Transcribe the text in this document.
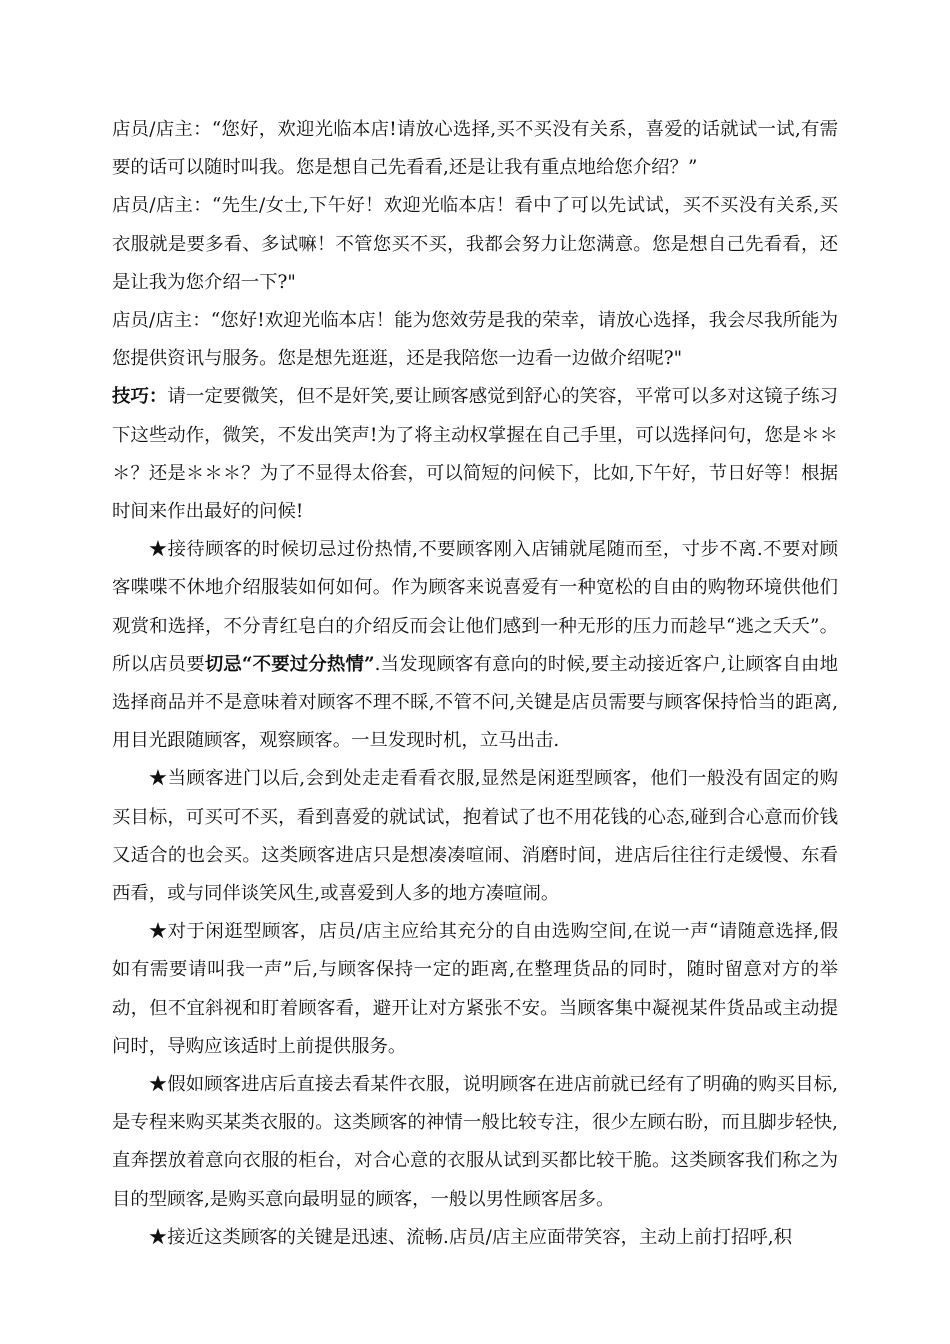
店员/店主：“您好，欢迎光临本店!请放心选择,买不买没有关系，喜爱的话就试一试,有需要的话可以随时叫我。您是想自己先看看,还是让我有重点地给您介绍？”

店员/店主：“先生/女士,下午好！欢迎光临本店！看中了可以先试试，买不买没有关系,买衣服就是要多看、多试嘛！不管您买不买，我都会努力让您满意。您是想自己先看看，还是让我为您介绍一下?"

店员/店主：“您好!欢迎光临本店！能为您效劳是我的荣幸，请放心选择，我会尽我所能为您提供资讯与服务。您是想先逛逛，还是我陪您一边看一边做介绍呢?"

技巧：请一定要微笑，但不是奸笑,要让顾客感觉到舒心的笑容，平常可以多对这镜子练习下这些动作，微笑，不发出笑声!为了将主动权掌握在自己手里，可以选择问句，您是＊＊＊？还是＊＊＊？为了不显得太俗套，可以简短的问候下，比如,下午好，节日好等！根据时间来作出最好的问候!

★接待顾客的时候切忌过份热情,不要顾客刚入店铺就尾随而至，寸步不离.不要对顾客喋喋不休地介绍服装如何如何。作为顾客来说喜爱有一种宽松的自由的购物环境供他们观赏和选择，不分青红皂白的介绍反而会让他们感到一种无形的压力而趁早“逃之夭夭”。所以店员要切忌“不要过分热情”.当发现顾客有意向的时候,要主动接近客户,让顾客自由地选择商品并不是意味着对顾客不理不睬,不管不问,关键是店员需要与顾客保持恰当的距离,用目光跟随顾客，观察顾客。一旦发现时机，立马出击.

★当顾客进门以后,会到处走走看看衣服,显然是闲逛型顾客，他们一般没有固定的购买目标，可买可不买，看到喜爱的就试试，抱着试了也不用花钱的心态,碰到合心意而价钱又适合的也会买。这类顾客进店只是想凑凑喧闹、消磨时间，进店后往往行走缓慢、东看西看，或与同伴谈笑风生,或喜爱到人多的地方凑喧闹。

★对于闲逛型顾客，店员/店主应给其充分的自由选购空间,在说一声“请随意选择,假如有需要请叫我一声”后,与顾客保持一定的距离,在整理货品的同时，随时留意对方的举动，但不宜斜视和盯着顾客看，避开让对方紧张不安。当顾客集中凝视某件货品或主动提问时，导购应该适时上前提供服务。

★假如顾客进店后直接去看某件衣服，说明顾客在进店前就已经有了明确的购买目标,是专程来购买某类衣服的。这类顾客的神情一般比较专注，很少左顾右盼，而且脚步轻快,直奔摆放着意向衣服的柜台，对合心意的衣服从试到买都比较干脆。这类顾客我们称之为目的型顾客,是购买意向最明显的顾客，一般以男性顾客居多。

★接近这类顾客的关键是迅速、流畅.店员/店主应面带笑容，主动上前打招呼,积
